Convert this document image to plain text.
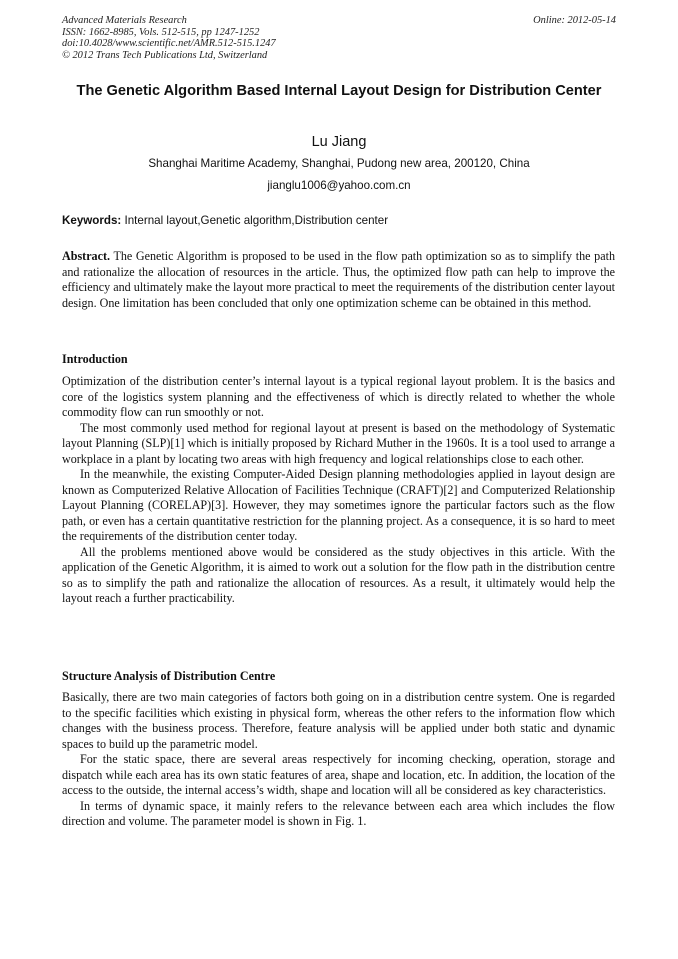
Advanced Materials Research
ISSN: 1662-8985, Vols. 512-515, pp 1247-1252
doi:10.4028/www.scientific.net/AMR.512-515.1247
© 2012 Trans Tech Publications Ltd, Switzerland
Online: 2012-05-14
The Genetic Algorithm Based Internal Layout Design for Distribution Center
Lu Jiang
Shanghai Maritime Academy, Shanghai, Pudong new area, 200120, China
jianglu1006@yahoo.com.cn
Keywords: Internal layout,Genetic algorithm,Distribution center

Abstract. The Genetic Algorithm is proposed to be used in the flow path optimization so as to simplify the path and rationalize the allocation of resources in the article. Thus, the optimized flow path can help to improve the efficiency and ultimately make the layout more practical to meet the requirements of the distribution center layout design. One limitation has been concluded that only one optimization scheme can be obtained in this method.

Introduction

Optimization of the distribution center’s internal layout is a typical regional layout problem. It is the basics and core of the logistics system planning and the effectiveness of which is directly related to whether the whole commodity flow can run smoothly or not.

The most commonly used method for regional layout at present is based on the methodology of Systematic layout Planning (SLP)[1] which is initially proposed by Richard Muther in the 1960s. It is a tool used to arrange a workplace in a plant by locating two areas with high frequency and logical relationships close to each other.

In the meanwhile, the existing Computer-Aided Design planning methodologies applied in layout design are known as Computerized Relative Allocation of Facilities Technique (CRAFT)[2] and Computerized Relationship Layout Planning (CORELAP)[3]. However, they may sometimes ignore the particular factors such as the flow path, or even has a certain quantitative restriction for the planning project. As a consequence, it is so hard to meet the requirements of the distribution center today.

All the problems mentioned above would be considered as the study objectives in this article. With the application of the Genetic Algorithm, it is aimed to work out a solution for the flow path in the distribution centre so as to simplify the path and rationalize the allocation of resources. As a result, it ultimately would help the layout reach a further practicability.

Structure Analysis of Distribution Centre

Basically, there are two main categories of factors both going on in a distribution centre system. One is regarded to the specific facilities which existing in physical form, whereas the other refers to the information flow which changes with the business process. Therefore, feature analysis will be applied under both static and dynamic spaces to build up the parametric model.

For the static space, there are several areas respectively for incoming checking, operation, storage and dispatch while each area has its own static features of area, shape and location, etc. In addition, the location of the access to the outside, the internal access’s width, shape and location will all be considered as key characteristics.

In terms of dynamic space, it mainly refers to the relevance between each area which includes the flow direction and volume. The parameter model is shown in Fig. 1.
